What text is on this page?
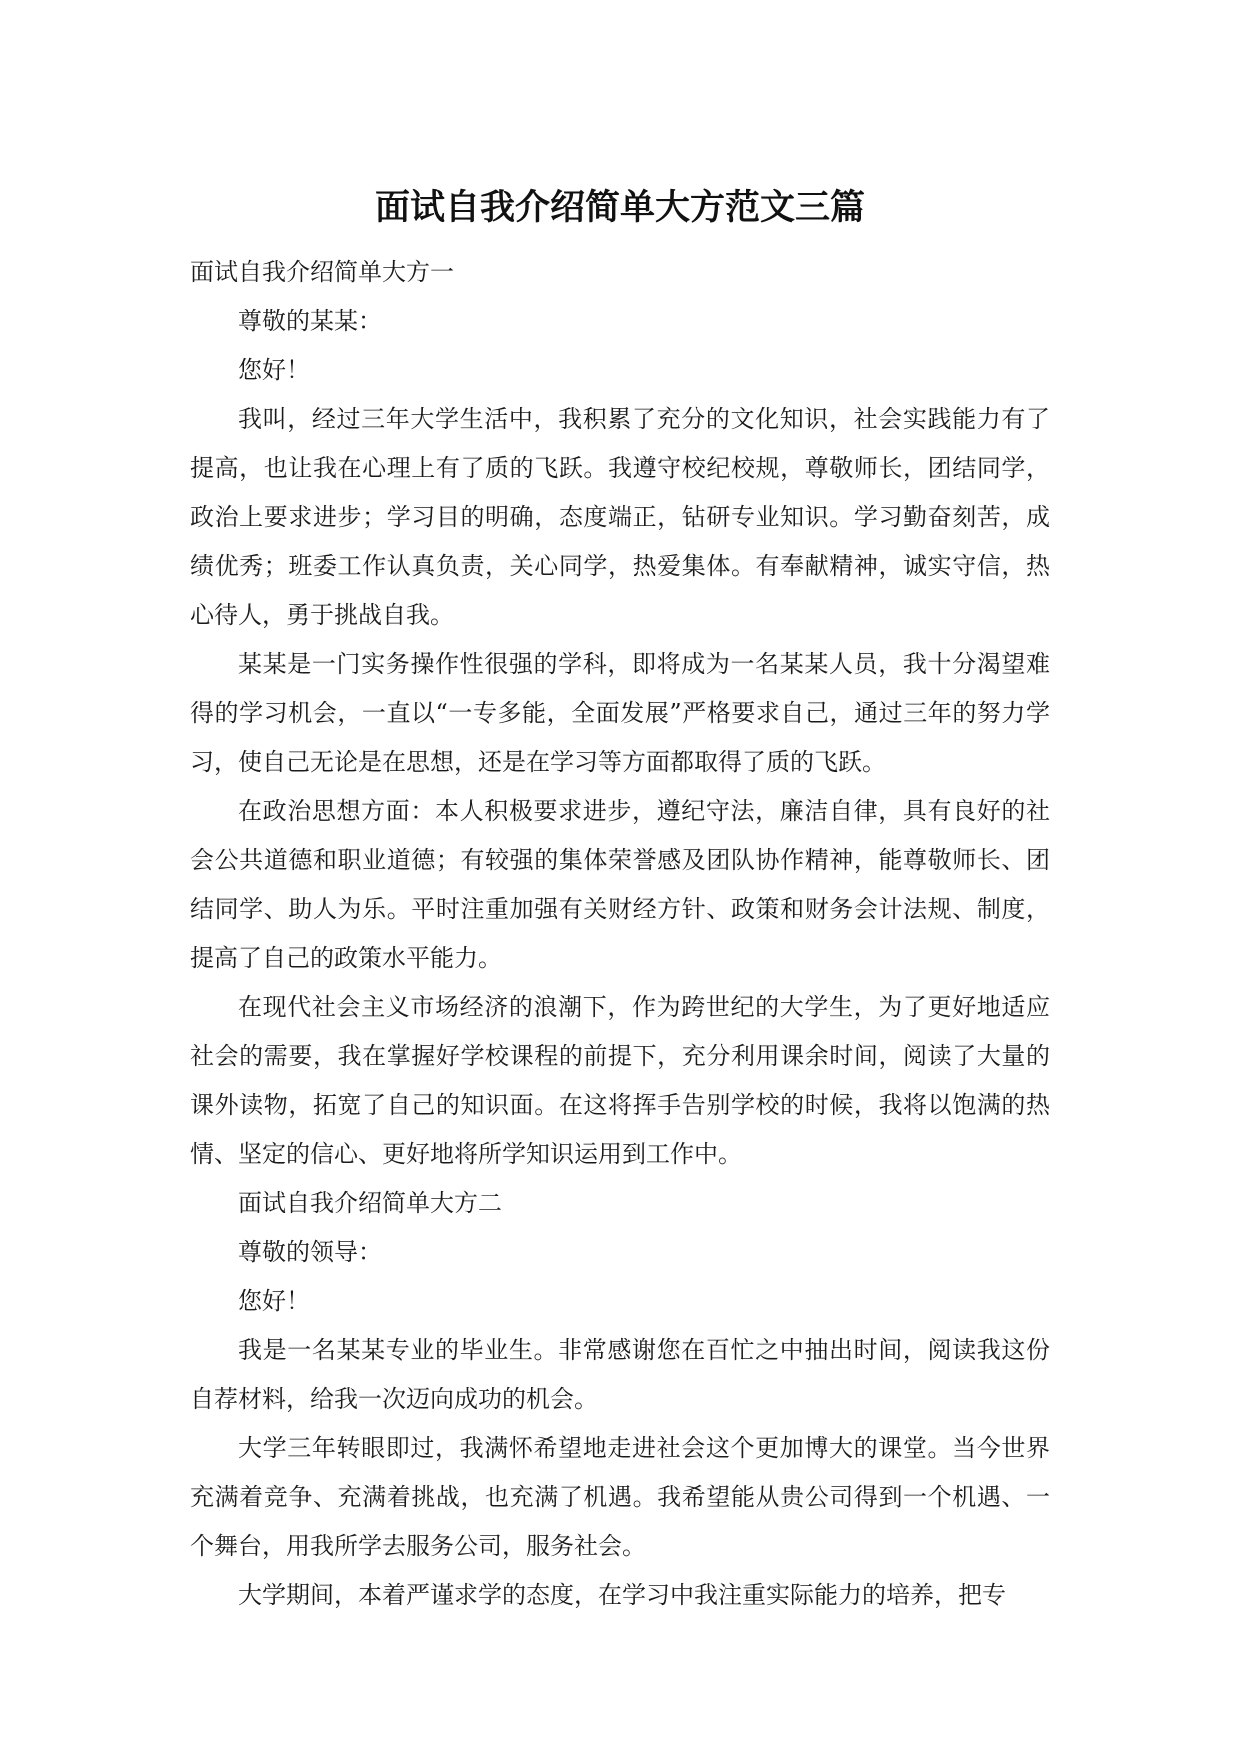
面试自我介绍简单大方范文三篇

面试自我介绍简单大方一

尊敬的某某：

您好！

我叫，经过三年大学生活中，我积累了充分的文化知识，社会实践能力有了提高，也让我在心理上有了质的飞跃。我遵守校纪校规，尊敬师长，团结同学，政治上要求进步；学习目的明确，态度端正，钻研专业知识。学习勤奋刻苦，成绩优秀；班委工作认真负责，关心同学，热爱集体。有奉献精神，诚实守信，热心待人，勇于挑战自我。

某某是一门实务操作性很强的学科，即将成为一名某某人员，我十分渴望难得的学习机会，一直以“一专多能，全面发展”严格要求自己，通过三年的努力学习，使自己无论是在思想，还是在学习等方面都取得了质的飞跃。

在政治思想方面：本人积极要求进步，遵纪守法，廉洁自律，具有良好的社会公共道德和职业道德；有较强的集体荣誉感及团队协作精神，能尊敬师长、团结同学、助人为乐。平时注重加强有关财经方针、政策和财务会计法规、制度，提高了自己的政策水平能力。

在现代社会主义市场经济的浪潮下，作为跨世纪的大学生，为了更好地适应社会的需要，我在掌握好学校课程的前提下，充分利用课余时间，阅读了大量的课外读物，拓宽了自己的知识面。在这将挥手告别学校的时候，我将以饱满的热情、坚定的信心、更好地将所学知识运用到工作中。

面试自我介绍简单大方二

尊敬的领导：

您好！

我是一名某某专业的毕业生。非常感谢您在百忙之中抽出时间，阅读我这份自荐材料，给我一次迈向成功的机会。

大学三年转眼即过，我满怀希望地走进社会这个更加博大的课堂。当今世界充满着竞争、充满着挑战，也充满了机遇。我希望能从贵公司得到一个机遇、一个舞台，用我所学去服务公司，服务社会。

大学期间，本着严谨求学的态度，在学习中我注重实际能力的培养，把专
